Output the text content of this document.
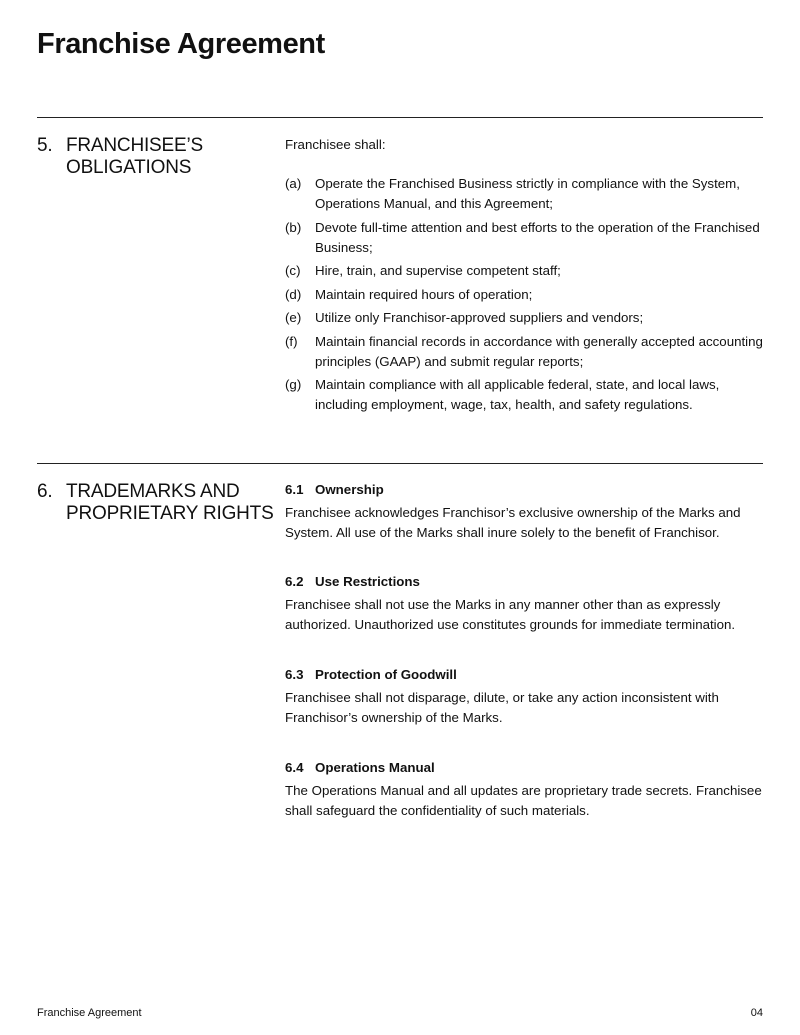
Franchise Agreement
5. FRANCHISEE’S OBLIGATIONS

Franchisee shall:

(a)	Operate the Franchised Business strictly in compliance with the System, Operations Manual, and this Agreement;
(b)	Devote full-time attention and best efforts to the operation of the Franchised Business;
(c)	Hire, train, and supervise competent staff;
(d)	Maintain required hours of operation;
(e)	Utilize only Franchisor-approved suppliers and vendors;
(f)	Maintain financial records in accordance with generally accepted accounting principles (GAAP) and submit regular reports;
(g)	Maintain compliance with all applicable federal, state, and local laws, including employment, wage, tax, health, and safety regulations.
6. TRADEMARKS AND PROPRIETARY RIGHTS
6.1 Ownership

Franchisee acknowledges Franchisor’s exclusive ownership of the Marks and System. All use of the Marks shall inure solely to the benefit of Franchisor.

6.2 Use Restrictions

Franchisee shall not use the Marks in any manner other than as expressly authorized. Unauthorized use constitutes grounds for immediate termination.

6.3 Protection of Goodwill

Franchisee shall not disparage, dilute, or take any action inconsistent with Franchisor’s ownership of the Marks.

6.4 Operations Manual

The Operations Manual and all updates are proprietary trade secrets. Franchisee shall safeguard the confidentiality of such materials.

Franchise Agreement	04
